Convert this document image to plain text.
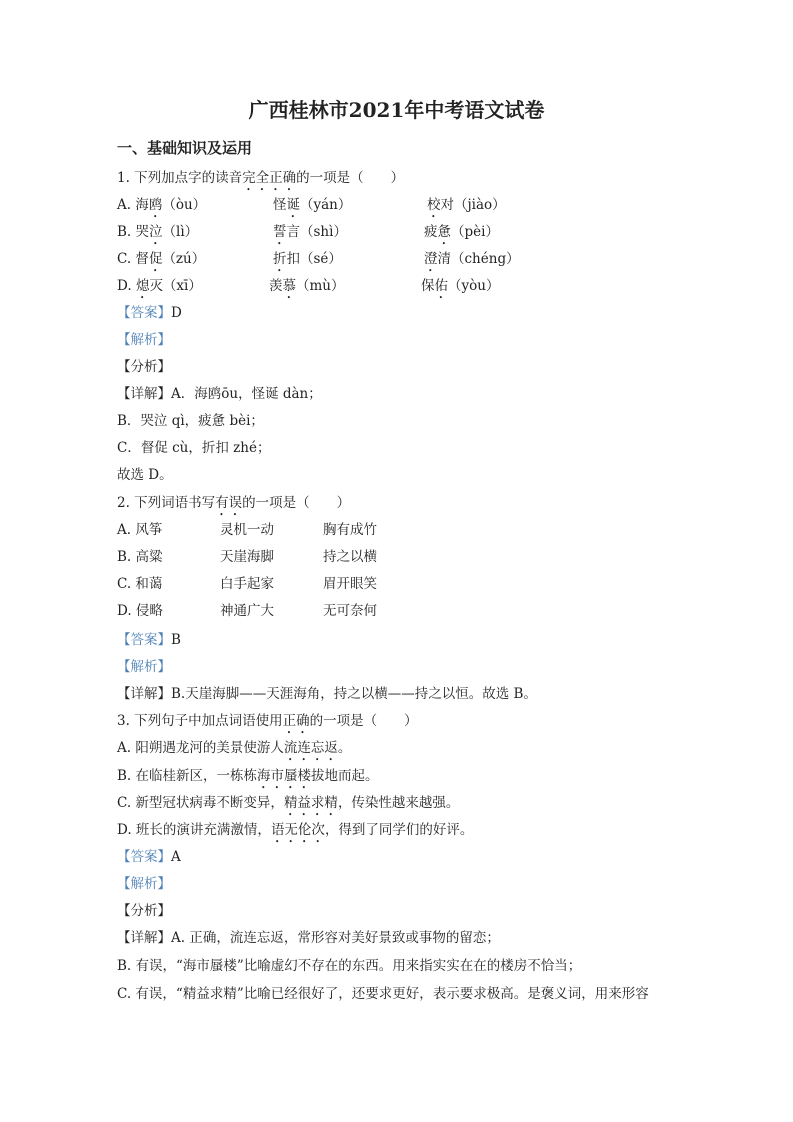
广西桂林市2021年中考语文试卷
一、基础知识及运用
1. 下列加点字的读音完全正确的一项是（　　）
A. 海鸥（òu）	怪诞（yán）	校对（jiào）
B. 哭泣（lì）	誓言（shì）	疲惫（pèi）
C. 督促（zú）	折扣（sé）	澄清（chéng）
D. 熄灭（xī）	羡慕（mù）	保佑（yòu）
【答案】D
【解析】
【分析】
【详解】A．海鸥ōu，怪诞 dàn；
B．哭泣 qì，疲惫 bèi；
C．督促 cù，折扣 zhé；
故选 D。
2. 下列词语书写有误的一项是（　　）
A. 风筝	灵机一动	胸有成竹
B. 高粱	天崖海脚	持之以横
C. 和蔼	白手起家	眉开眼笑
D. 侵略	神通广大	无可奈何
【答案】B
【解析】
【详解】B.天崖海脚——天涯海角，持之以横——持之以恒。故选 B。
3. 下列句子中加点词语使用正确的一项是（　　）
A. 阳朔遇龙河的美景使游人流连忘返。
B. 在临桂新区，一栋栋海市蜃楼拔地而起。
C. 新型冠状病毒不断变异，精益求精，传染性越来越强。
D. 班长的演讲充满激情，语无伦次，得到了同学们的好评。
【答案】A
【解析】
【分析】
【详解】A. 正确，流连忘返，常形容对美好景致或事物的留恋；
B. 有误，“海市蜃楼”比喻虚幻不存在的东西。用来指实实在在的楼房不恰当；
C. 有误，“精益求精”比喻已经很好了，还要求更好，表示要求极高。是褒义词，用来形容
